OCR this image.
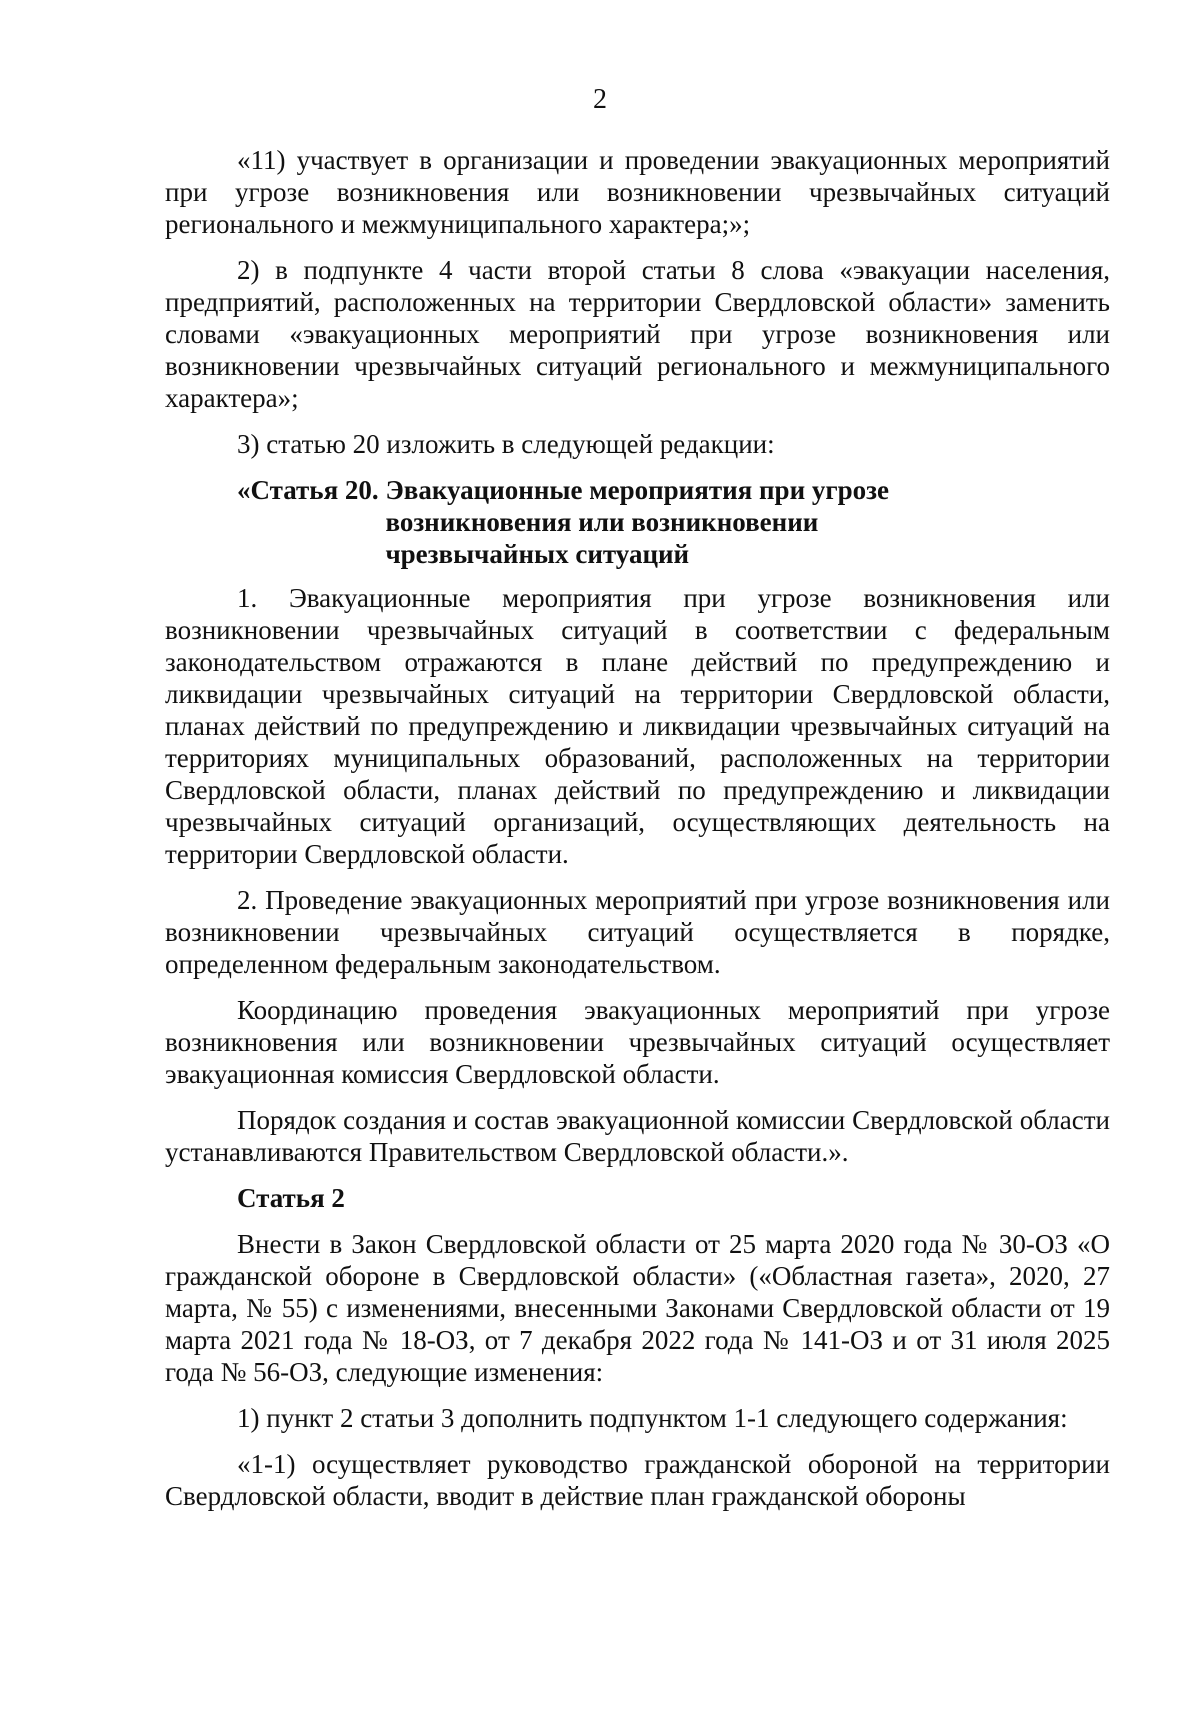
2

«11) участвует в организации и проведении эвакуационных мероприятий при угрозе возникновения или возникновении чрезвычайных ситуаций регионального и межмуниципального характера;»;

2) в подпункте 4 части второй статьи 8 слова «эвакуации населения, предприятий, расположенных на территории Свердловской области» заменить словами «эвакуационных мероприятий при угрозе возникновения или возникновении чрезвычайных ситуаций регионального и межмуниципального характера»;

3) статью 20 изложить в следующей редакции:

«Статья 20. Эвакуационные мероприятия при угрозе возникновения или возникновении чрезвычайных ситуаций

1. Эвакуационные мероприятия при угрозе возникновения или возникновении чрезвычайных ситуаций в соответствии с федеральным законодательством отражаются в плане действий по предупреждению и ликвидации чрезвычайных ситуаций на территории Свердловской области, планах действий по предупреждению и ликвидации чрезвычайных ситуаций на территориях муниципальных образований, расположенных на территории Свердловской области, планах действий по предупреждению и ликвидации чрезвычайных ситуаций организаций, осуществляющих деятельность на территории Свердловской области.

2. Проведение эвакуационных мероприятий при угрозе возникновения или возникновении чрезвычайных ситуаций осуществляется в порядке, определенном федеральным законодательством.

Координацию проведения эвакуационных мероприятий при угрозе возникновения или возникновении чрезвычайных ситуаций осуществляет эвакуационная комиссия Свердловской области.

Порядок создания и состав эвакуационной комиссии Свердловской области устанавливаются Правительством Свердловской области.».

Статья 2

Внести в Закон Свердловской области от 25 марта 2020 года № 30-ОЗ «О гражданской обороне в Свердловской области» («Областная газета», 2020, 27 марта, № 55) с изменениями, внесенными Законами Свердловской области от 19 марта 2021 года № 18-ОЗ, от 7 декабря 2022 года № 141-ОЗ и от 31 июля 2025 года № 56-ОЗ, следующие изменения:

1) пункт 2 статьи 3 дополнить подпунктом 1-1 следующего содержания:

«1-1) осуществляет руководство гражданской обороной на территории Свердловской области, вводит в действие план гражданской обороны
